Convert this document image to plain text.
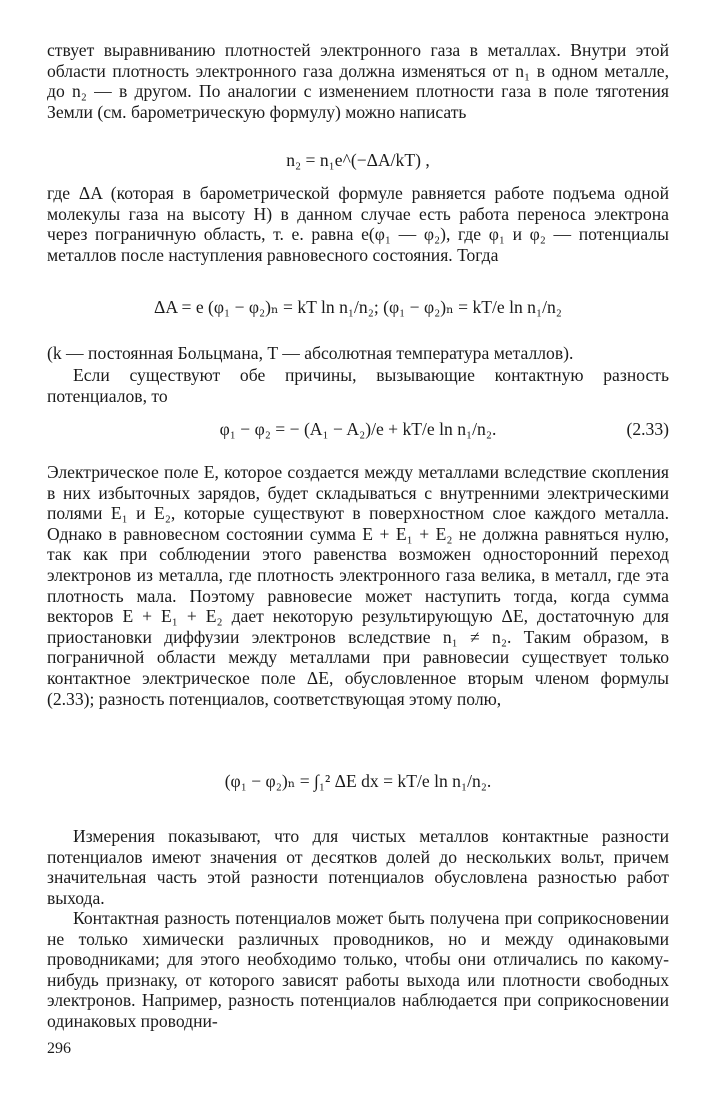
ствует выравниванию плотностей электронного газа в металлах. Внутри этой области плотность электронного газа должна изменяться от n₁ в одном металле, до n₂ — в другом. По аналогии с изменением плотности газа в поле тяготения Земли (см. барометрическую формулу) можно написать

n₂ = n₁e^(−ΔA/kT) ,

где ΔA (которая в барометрической формуле равняется работе подъема одной молекулы газа на высоту H) в данном случае есть работа переноса электрона через пограничную область, т. е. равна e(φ₁ — φ₂), где φ₁ и φ₂ — потенциалы металлов после наступления равновесного состояния. Тогда

ΔA = e (φ₁ − φ₂)ₙ = kT ln n₁/n₂; (φ₁ − φ₂)ₙ = kT/e ln n₁/n₂

(k — постоянная Больцмана, T — абсолютная температура металлов).

Если существуют обе причины, вызывающие контактную разность потенциалов, то

φ₁ − φ₂ = − (A₁ − A₂)/e + kT/e ln n₁/n₂.	(2.33)

Электрическое поле E, которое создается между металлами вследствие скопления в них избыточных зарядов, будет складываться с внутренними электрическими полями E₁ и E₂, которые существуют в поверхностном слое каждого металла. Однако в равновесном состоянии сумма E + E₁ + E₂ не должна равняться нулю, так как при соблюдении этого равенства возможен односторонний переход электронов из металла, где плотность электронного газа велика, в металл, где эта плотность мала. Поэтому равновесие может наступить тогда, когда сумма векторов E + E₁ + E₂ дает некоторую результирующую ΔE, достаточную для приостановки диффузии электронов вследствие n₁ ≠ n₂. Таким образом, в пограничной области между металлами при равновесии существует только контактное электрическое поле ΔE, обусловленное вторым членом формулы (2.33); разность потенциалов, соответствующая этому полю,

(φ₁ − φ₂)ₙ = ∫₁² ΔE dx = kT/e ln n₁/n₂.

Измерения показывают, что для чистых металлов контактные разности потенциалов имеют значения от десятков долей до нескольких вольт, причем значительная часть этой разности потенциалов обусловлена разностью работ выхода.

Контактная разность потенциалов может быть получена при соприкосновении не только химически различных проводников, но и между одинаковыми проводниками; для этого необходимо только, чтобы они отличались по какому-нибудь признаку, от которого зависят работы выхода или плотности свободных электронов. Например, разность потенциалов наблюдается при соприкосновении одинаковых проводни-

296
